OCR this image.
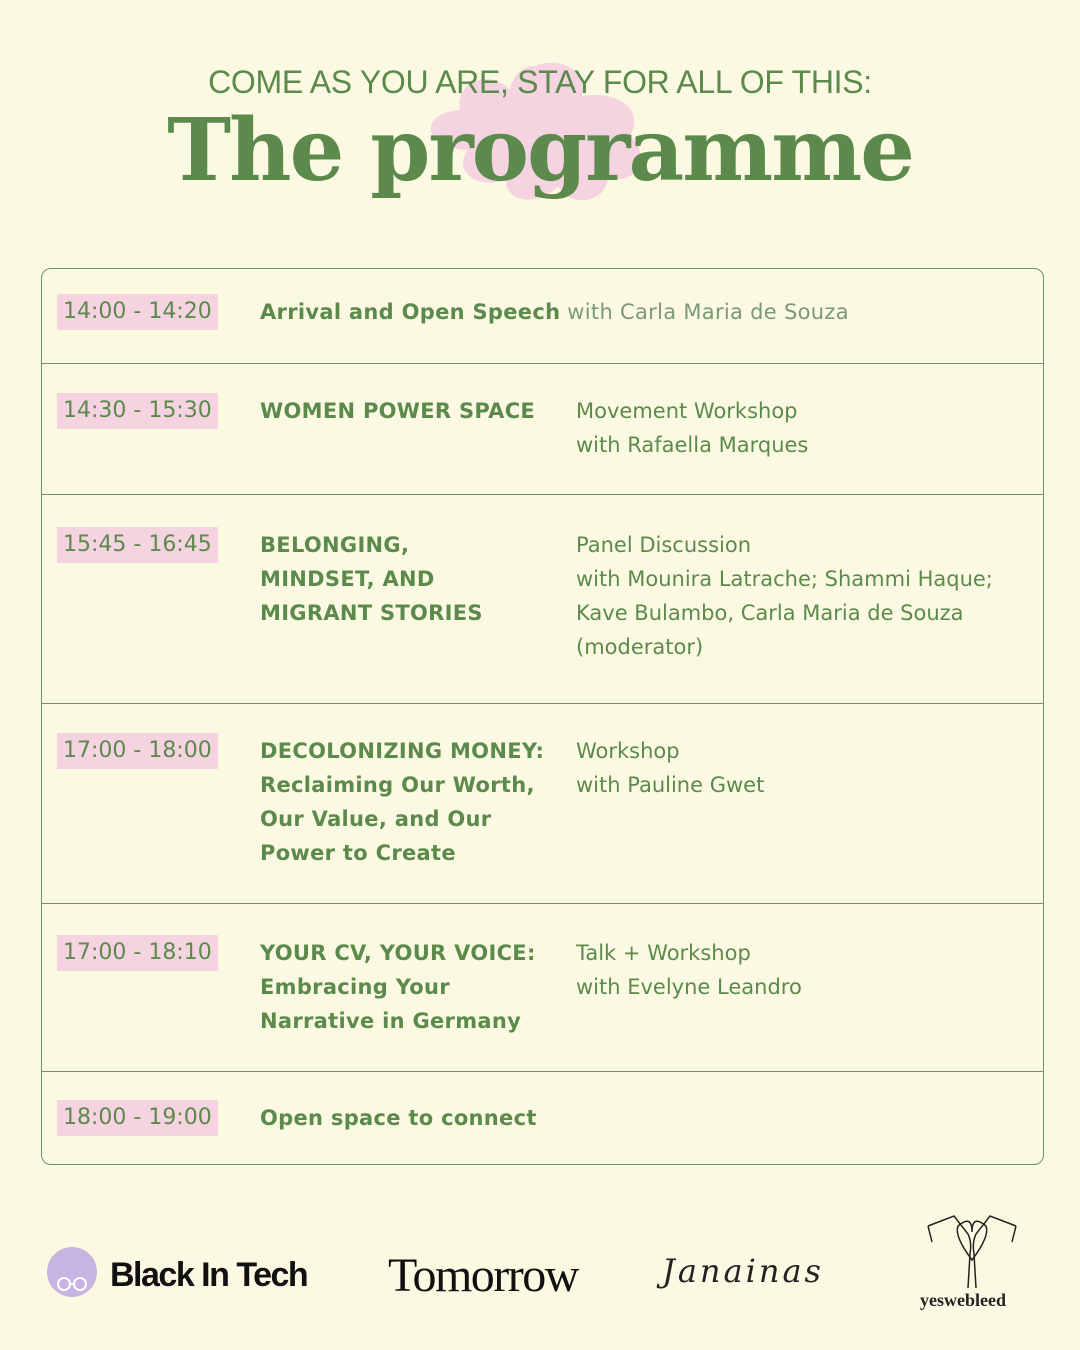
COME AS YOU ARE, STAY FOR ALL OF THIS:
The programme
14:00 - 14:20 Arrival and Open Speech with Carla Maria de Souza
14:30 - 15:30 WOMEN POWER SPACE	Movement Workshop
with Rafaella Marques
15:45 - 16:45 BELONGING,
MINDSET, AND
MIGRANT STORIES
Panel Discussion
with Mounira Latrache; Shammi Haque;
Kave Bulambo, Carla Maria de Souza
(moderator)
17:00 - 18:00 DECOLONIZING MONEY:
Reclaiming Our Worth,
Our Value, and Our
Power to Create
Workshop
with Pauline Gwet
17:00 - 18:10 YOUR CV, YOUR VOICE:
Embracing Your
Narrative in Germany
Talk + Workshop
with Evelyne Leandro
18:00 - 19:00 Open space to connect
Black In Tech Tomorrow	Janainas
yeswebleed
